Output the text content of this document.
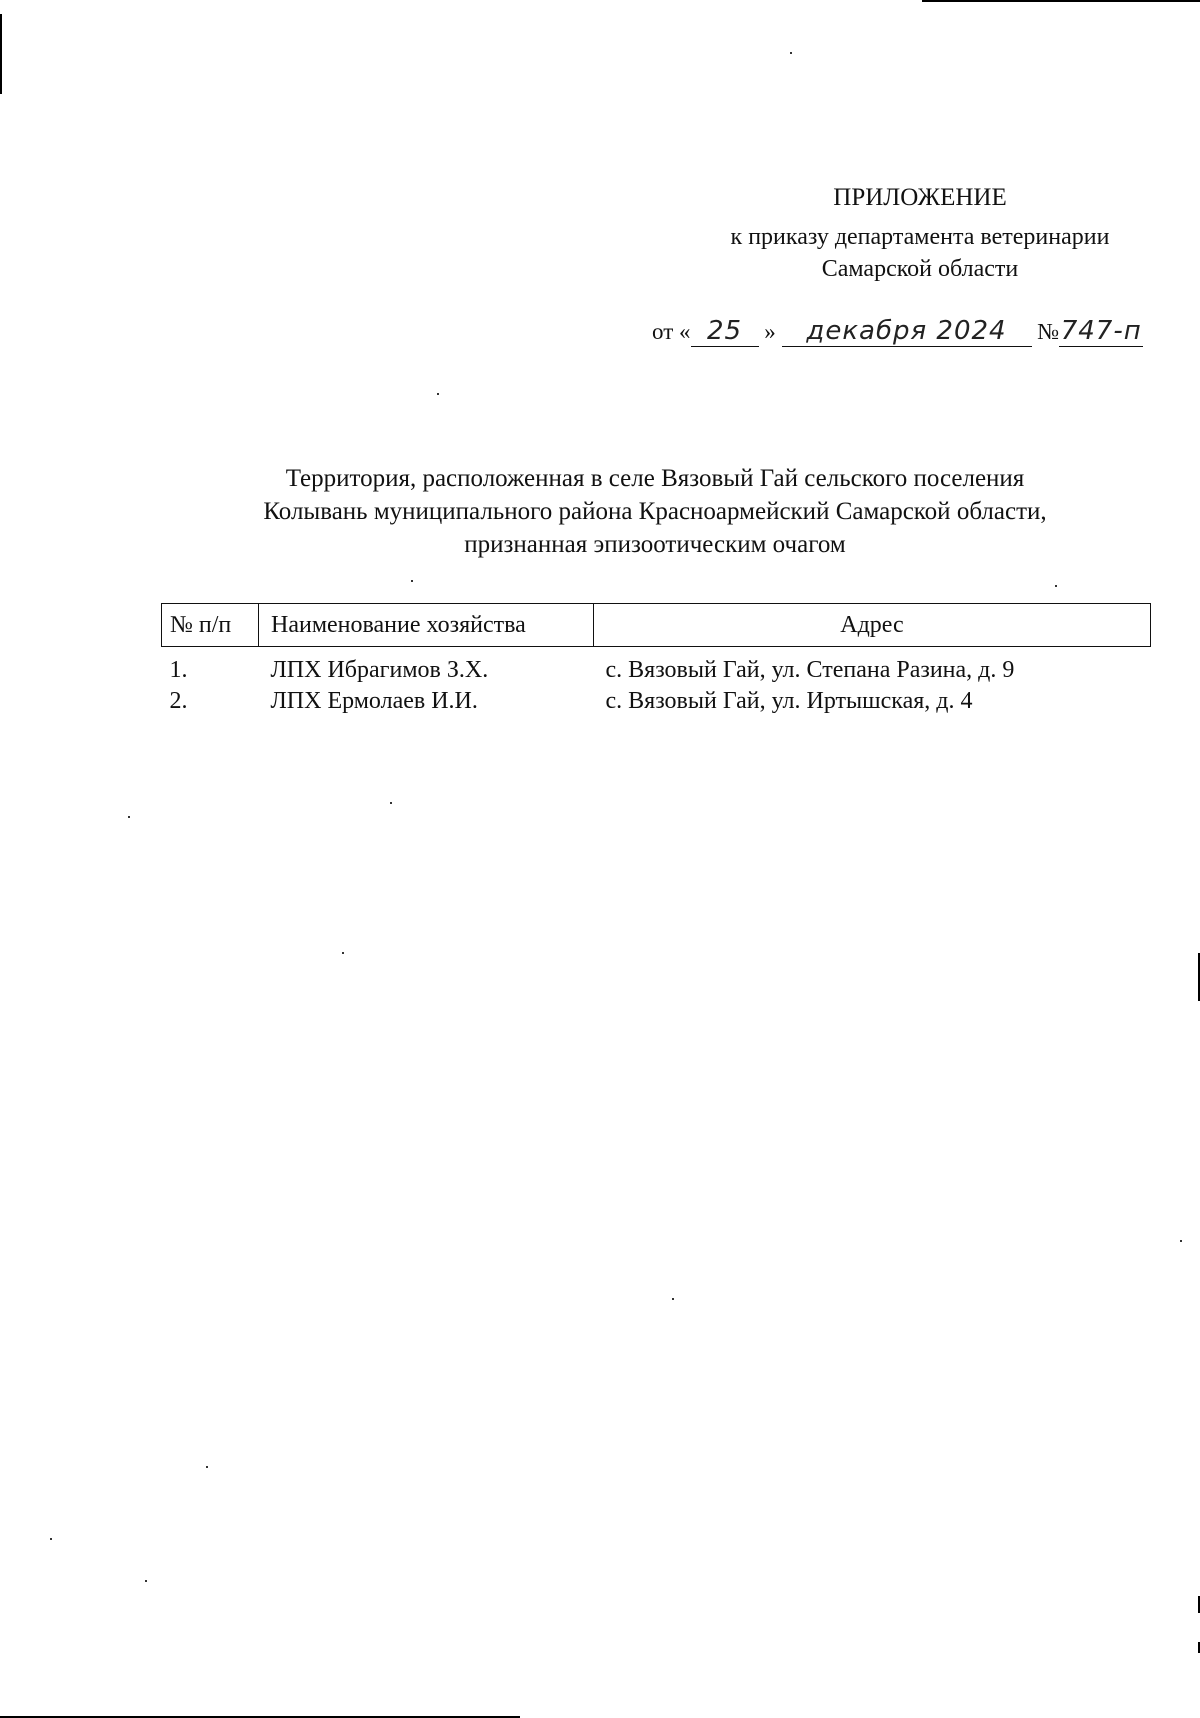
ПРИЛОЖЕНИЕ
к приказу департамента ветеринарии
Самарской области
от « 25 » декабря 2024 №747-п
Территория, расположенная в селе Вязовый Гай сельского поселения
Колывань муниципального района Красноармейский Самарской области,
признанная эпизоотическим очагом
№ п/п	Наименование хозяйства	Адрес
1.	ЛПХ Ибрагимов З.Х.	с. Вязовый Гай, ул. Степана Разина, д. 9
2.	ЛПХ Ермолаев И.И.	с. Вязовый Гай, ул. Иртышская, д. 4
